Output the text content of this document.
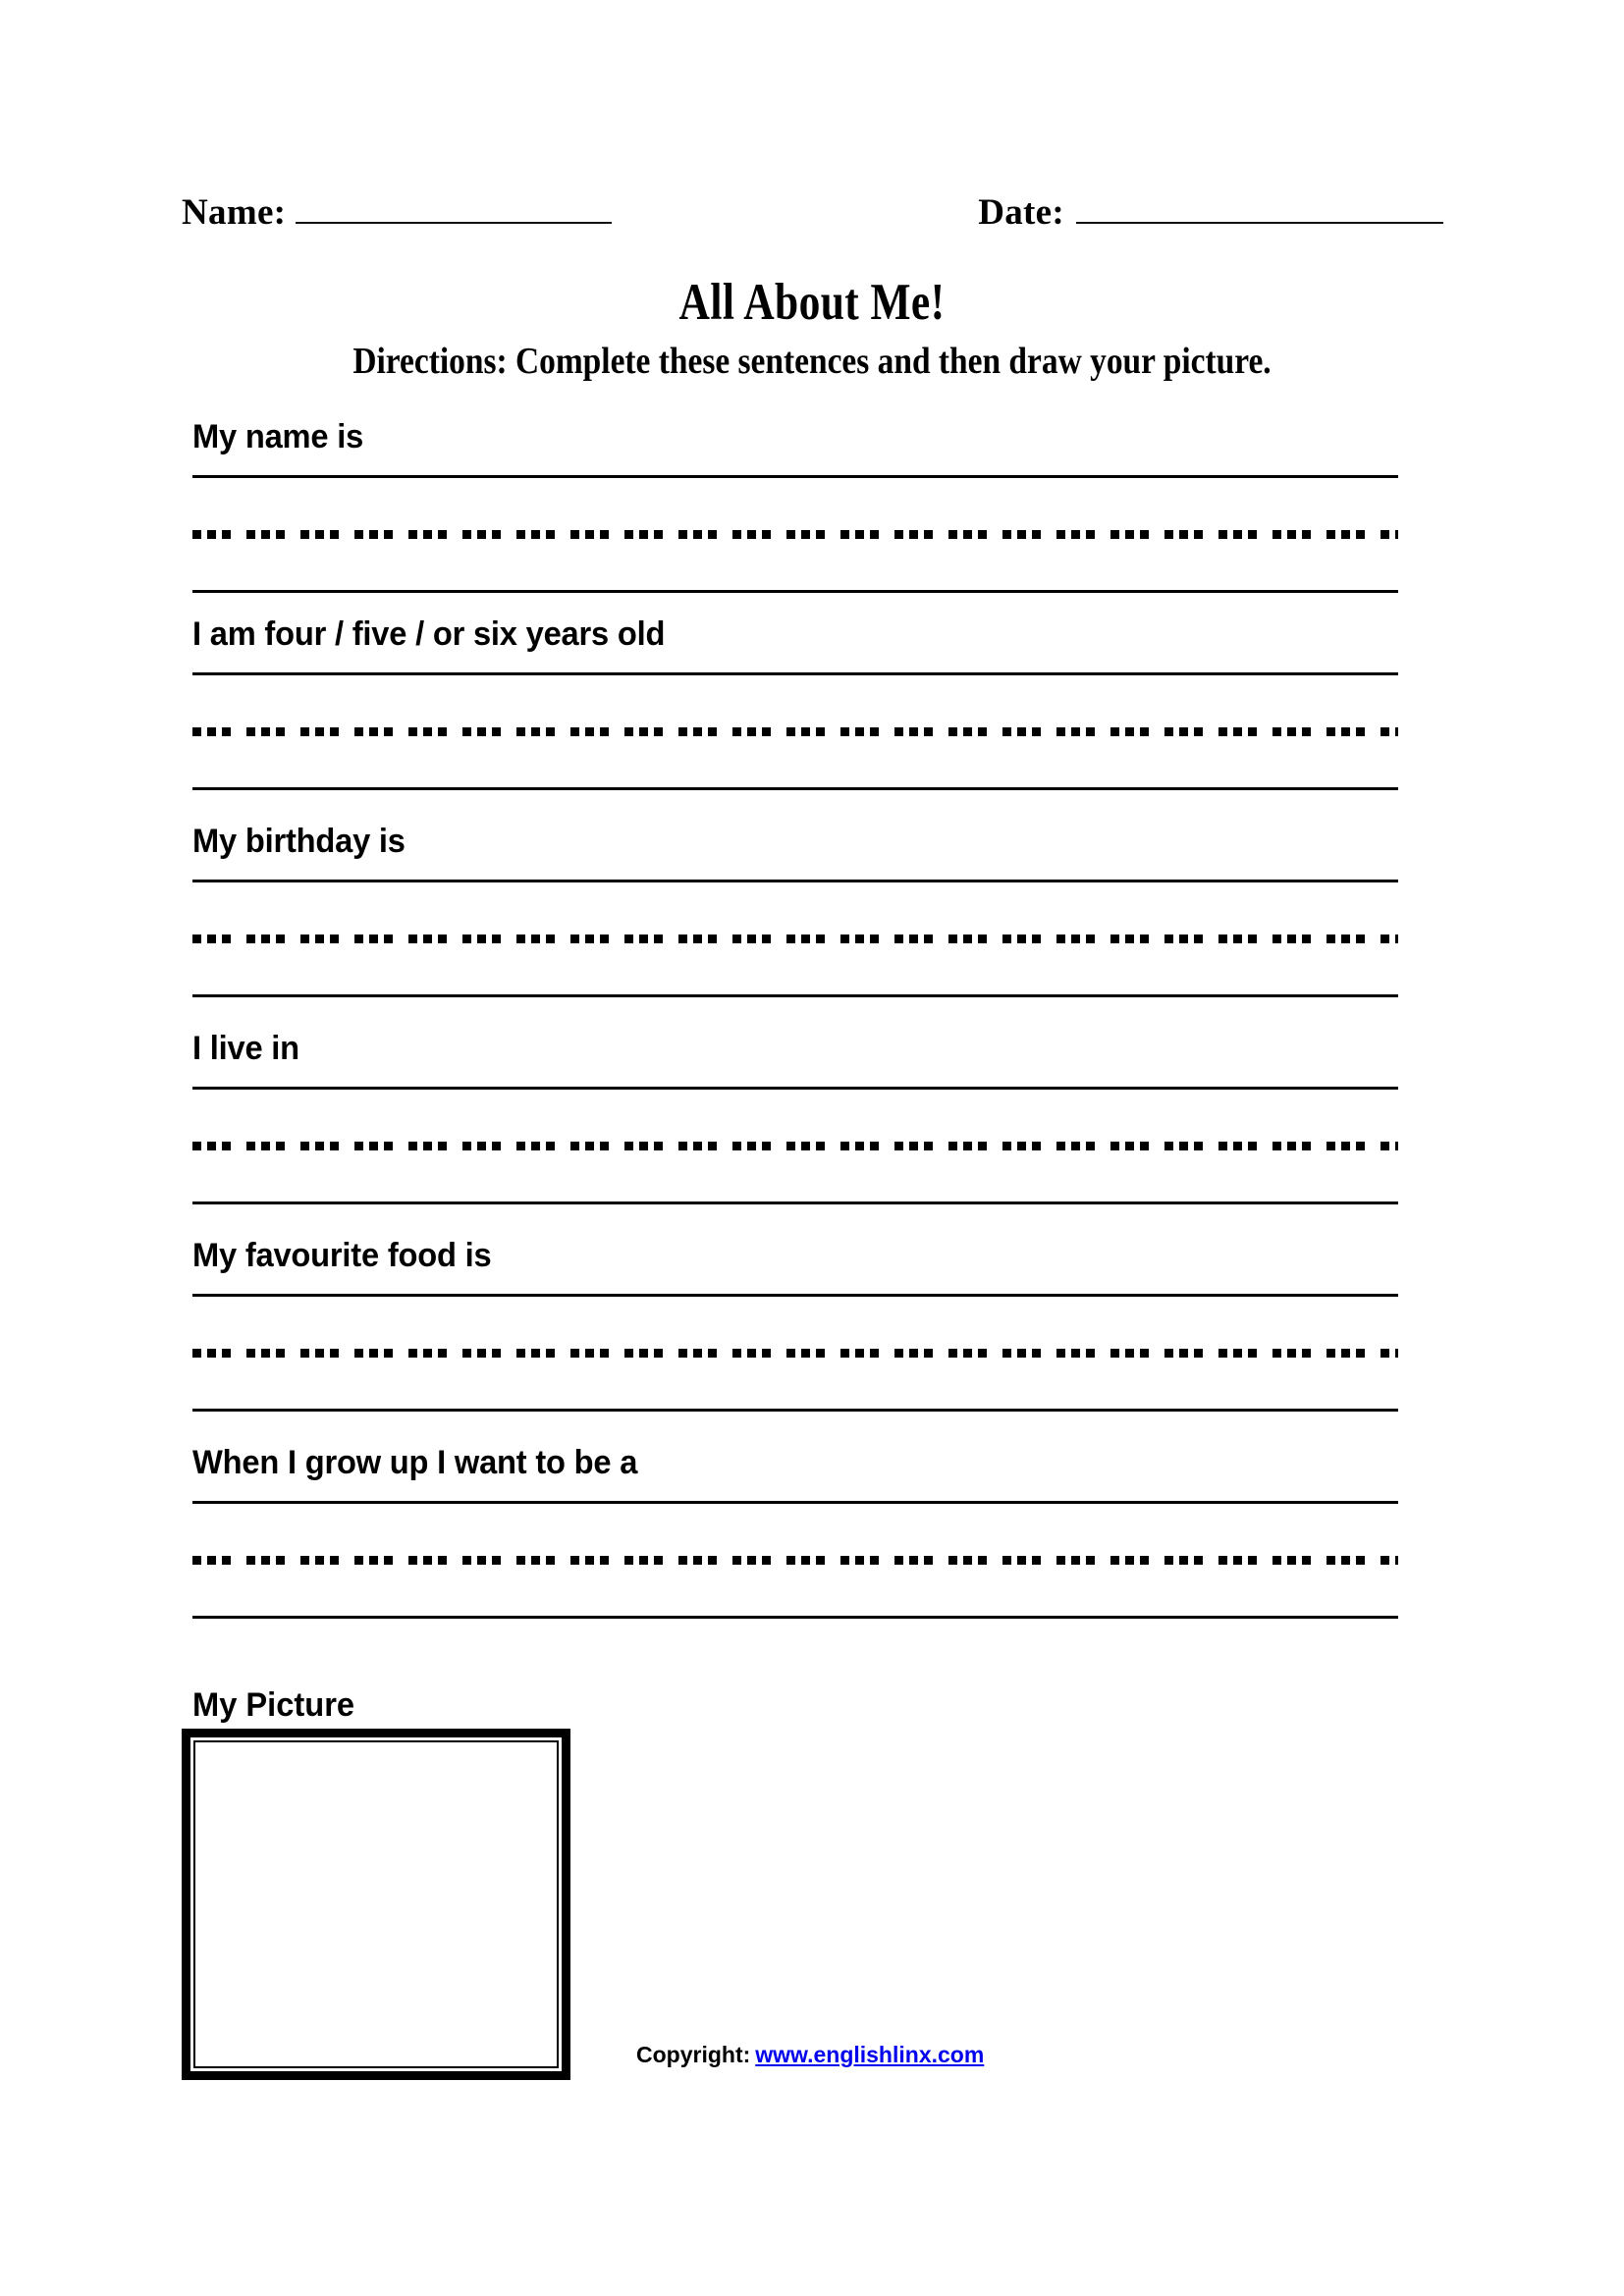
Name:	Date:
All About Me!
Directions: Complete these sentences and then draw your picture.
My name is
I am four / five / or six years old
My birthday is
I live in
My favourite food is
When I grow up I want to be a
My Picture
Copyright: www.englishlinx.com
